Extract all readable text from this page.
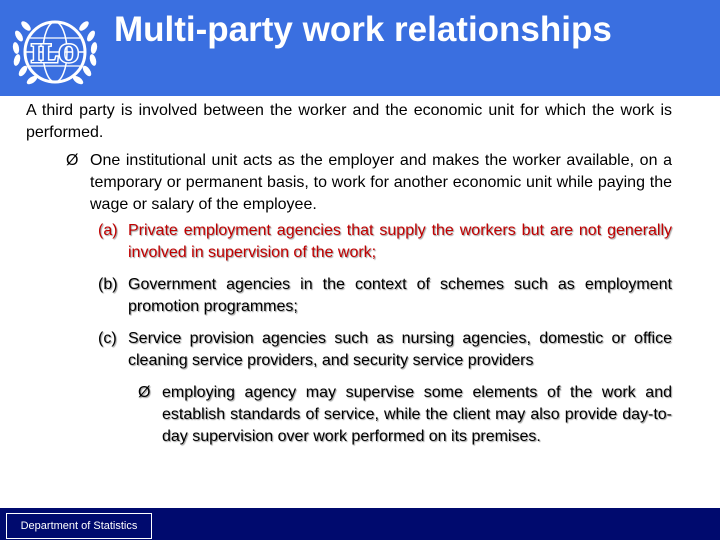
ILO
Multi-party work relationships
A third party is involved between the worker and the economic unit for which the work is performed.
Ø One institutional unit acts as the employer and makes the worker available, on a temporary or permanent basis, to work for another economic unit while paying the wage or salary of the employee.
(a) Private employment agencies that supply the workers but are not generally involved in supervision of the work;
(b) Government agencies in the context of schemes such as employment promotion programmes;
(c) Service provision agencies such as nursing agencies, domestic or office cleaning service providers, and security service providers
Ø employing agency may supervise some elements of the work and establish standards of service, while the client may also provide day-to-day supervision over work performed on its premises.
Department of Statistics
